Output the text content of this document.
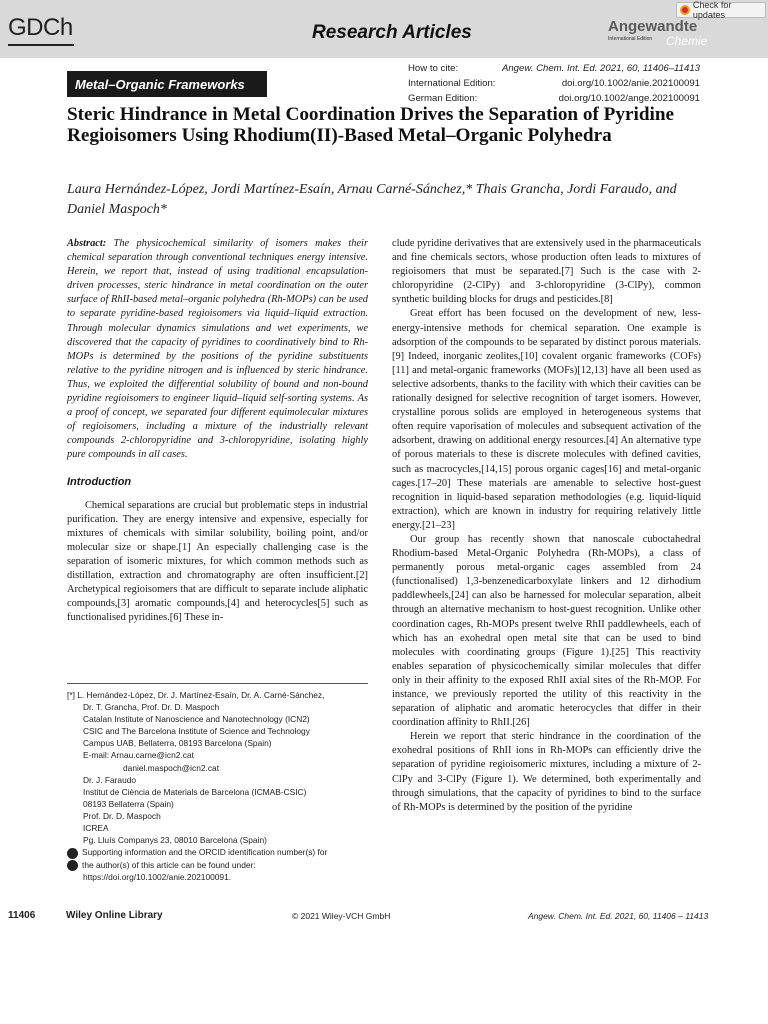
GDCh	Research Articles	Angewandte
International Edition Chemie
Check for updates
Metal–Organic Frameworks
How to cite:	Angew. Chem. Int. Ed. 2021, 60, 11406–11413
International Edition:	doi.org/10.1002/anie.202100091
German Edition:	doi.org/10.1002/ange.202100091
Steric Hindrance in Metal Coordination Drives the Separation of Pyridine Regioisomers Using Rhodium(II)-Based Metal–Organic Polyhedra
Laura Hernández-López, Jordi Martínez-Esaín, Arnau Carné-Sánchez,* Thais Grancha, Jordi Faraudo, and Daniel Maspoch*

Abstract: The physicochemical similarity of isomers makes their chemical separation through conventional techniques energy intensive. Herein, we report that, instead of using traditional encapsulation-driven processes, steric hindrance in metal coordination on the outer surface of RhII-based metal–organic polyhedra (Rh-MOPs) can be used to separate pyridine-based regioisomers via liquid–liquid extraction. Through molecular dynamics simulations and wet experiments, we discovered that the capacity of pyridines to coordinatively bind to Rh-MOPs is determined by the positions of the pyridine substituents relative to the pyridine nitrogen and is influenced by steric hindrance. Thus, we exploited the differential solubility of bound and non-bound pyridine regioisomers to engineer liquid–liquid self-sorting systems. As a proof of concept, we separated four different equimolecular mixtures of regioisomers, including a mixture of the industrially relevant compounds 2-chloropyridine and 3-chloropyridine, isolating highly pure compounds in all cases.

Introduction

Chemical separations are crucial but problematic steps in industrial purification. They are energy intensive and expensive, especially for mixtures of chemicals with similar solubility, boiling point, and/or molecular size or shape.[1] An especially challenging case is the separation of isomeric mixtures, for which common methods such as distillation, extraction and chromatography are often insufficient.[2] Archetypical regioisomers that are difficult to separate include aliphatic compounds,[3] aromatic compounds,[4] and heterocycles[5] such as functionalised pyridines.[6] These in-

clude pyridine derivatives that are extensively used in the pharmaceuticals and fine chemicals sectors, whose production often leads to mixtures of regioisomers that must be separated.[7] Such is the case with 2-chloropyridine (2-ClPy) and 3-chloropyridine (3-ClPy), common synthetic building blocks for drugs and pesticides.[8]

Great effort has been focused on the development of new, less-energy-intensive methods for chemical separation. One example is adsorption of the compounds to be separated by distinct porous materials.[9] Indeed, inorganic zeolites,[10] covalent organic frameworks (COFs)[11] and metal-organic frameworks (MOFs)[12,13] have all been used as selective adsorbents, thanks to the facility with which their cavities can be rationally designed for selective recognition of target isomers. However, crystalline porous solids are employed in heterogeneous systems that often require vaporisation of molecules and subsequent activation of the adsorbent, drawing on additional energy resources.[4] An alternative type of porous materials to these is discrete molecules with defined cavities, such as macrocycles,[14,15] porous organic cages[16] and metal-organic cages.[17–20] These materials are amenable to selective host-guest recognition in liquid-based separation methodologies (e.g. liquid-liquid extraction), which are known in industry for requiring relatively little energy.[21–23]

Our group has recently shown that nanoscale cuboctahedral Rhodium-based Metal-Organic Polyhedra (Rh-MOPs), a class of permanently porous metal-organic cages assembled from 24 (functionalised) 1,3-benzenedicarboxylate linkers and 12 dirhodium paddlewheels,[24] can also be harnessed for molecular separation, albeit through an alternative mechanism to host-guest recognition. Unlike other coordination cages, Rh-MOPs present twelve RhII paddlewheels, each of which has an exohedral open metal site that can be used to bind molecules with coordinating groups (Figure 1).[25] This reactivity enables separation of physicochemically similar molecules that differ only in their affinity to the exposed RhII axial sites of the Rh-MOP. For instance, we previously reported the utility of this reactivity in the separation of aliphatic and aromatic heterocycles that differ in their coordination affinity to RhII.[26]

Herein we report that steric hindrance in the coordination of the exohedral positions of RhII ions in Rh-MOPs can efficiently drive the separation of pyridine regioisomeric mixtures, including a mixture of 2-ClPy and 3-ClPy (Figure 1). We determined, both experimentally and through simulations, that the capacity of pyridines to bind to the surface of Rh-MOPs is determined by the position of the pyridine

[*] L. Hernández-López, Dr. J. Martínez-Esaín, Dr. A. Carné-Sánchez,
Dr. T. Grancha, Prof. Dr. D. Maspoch
Catalan Institute of Nanoscience and Nanotechnology (ICN2)
CSIC and The Barcelona Institute of Science and Technology
Campus UAB, Bellaterra, 08193 Barcelona (Spain)
E-mail: Arnau.carne@icn2.cat
daniel.maspoch@icn2.cat
Dr. J. Faraudo
Institut de Ciència de Materials de Barcelona (ICMAB-CSIC)
08193 Bellaterra (Spain)
Prof. Dr. D. Maspoch
ICREA
Pg. Lluís Companys 23, 08010 Barcelona (Spain)
Supporting information and the ORCID identification number(s) for
the author(s) of this article can be found under:
https://doi.org/10.1002/anie.202100091.
11406	Wiley Online Library	© 2021 Wiley-VCH GmbH	Angew. Chem. Int. Ed. 2021, 60, 11406 – 11413
